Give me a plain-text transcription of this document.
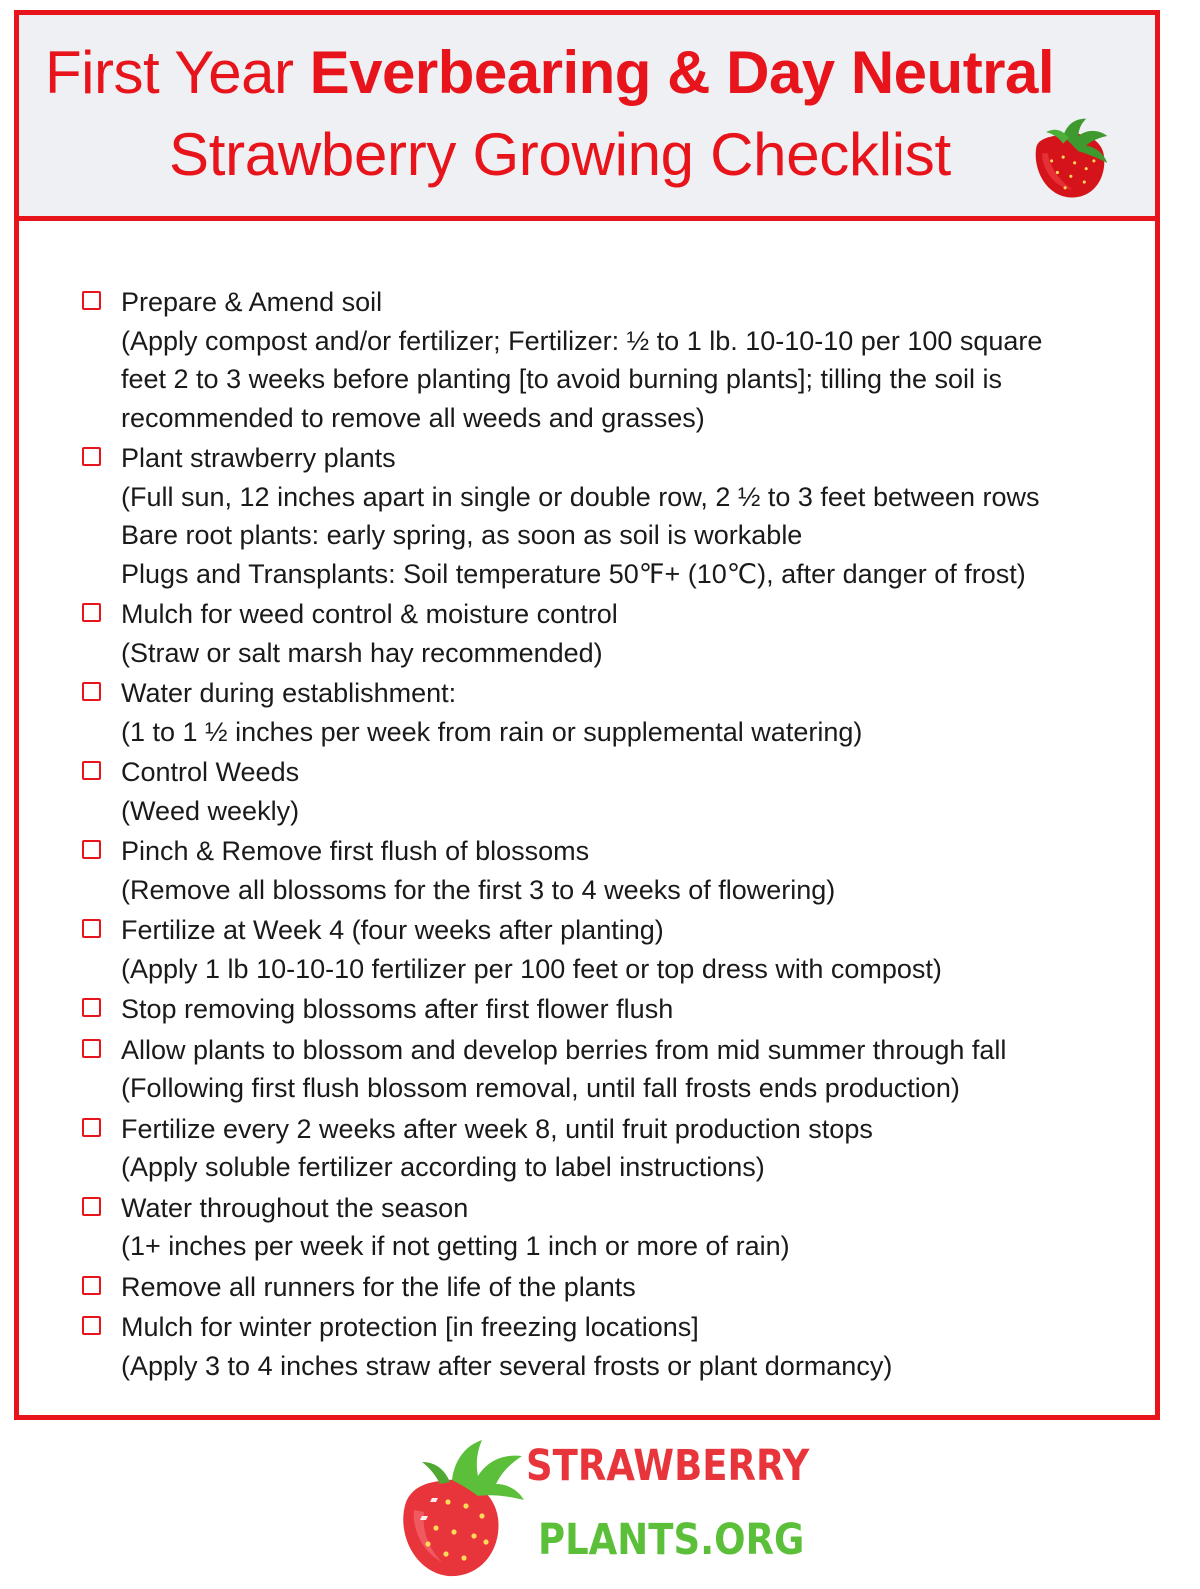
First Year Everbearing & Day Neutral
Strawberry Growing Checklist
Prepare & Amend soil
(Apply compost and/or fertilizer; Fertilizer: ½ to 1 lb. 10-10-10 per 100 square
feet 2 to 3 weeks before planting [to avoid burning plants]; tilling the soil is
recommended to remove all weeds and grasses)
Plant strawberry plants
(Full sun, 12 inches apart in single or double row, 2 ½ to 3 feet between rows
Bare root plants: early spring, as soon as soil is workable
Plugs and Transplants: Soil temperature 50℉+ (10℃), after danger of frost)
Mulch for weed control & moisture control
(Straw or salt marsh hay recommended)
Water during establishment:
(1 to 1 ½ inches per week from rain or supplemental watering)
Control Weeds
(Weed weekly)
Pinch & Remove first flush of blossoms
(Remove all blossoms for the first 3 to 4 weeks of flowering)
Fertilize at Week 4 (four weeks after planting)
(Apply 1 lb 10-10-10 fertilizer per 100 feet or top dress with compost)
Stop removing blossoms after first flower flush
Allow plants to blossom and develop berries from mid summer through fall
(Following first flush blossom removal, until fall frosts ends production)
Fertilize every 2 weeks after week 8, until fruit production stops
(Apply soluble fertilizer according to label instructions)
Water throughout the season
(1+ inches per week if not getting 1 inch or more of rain)
Remove all runners for the life of the plants
Mulch for winter protection [in freezing locations]
(Apply 3 to 4 inches straw after several frosts or plant dormancy)
STRAWBERRY
PLANTS.ORG
